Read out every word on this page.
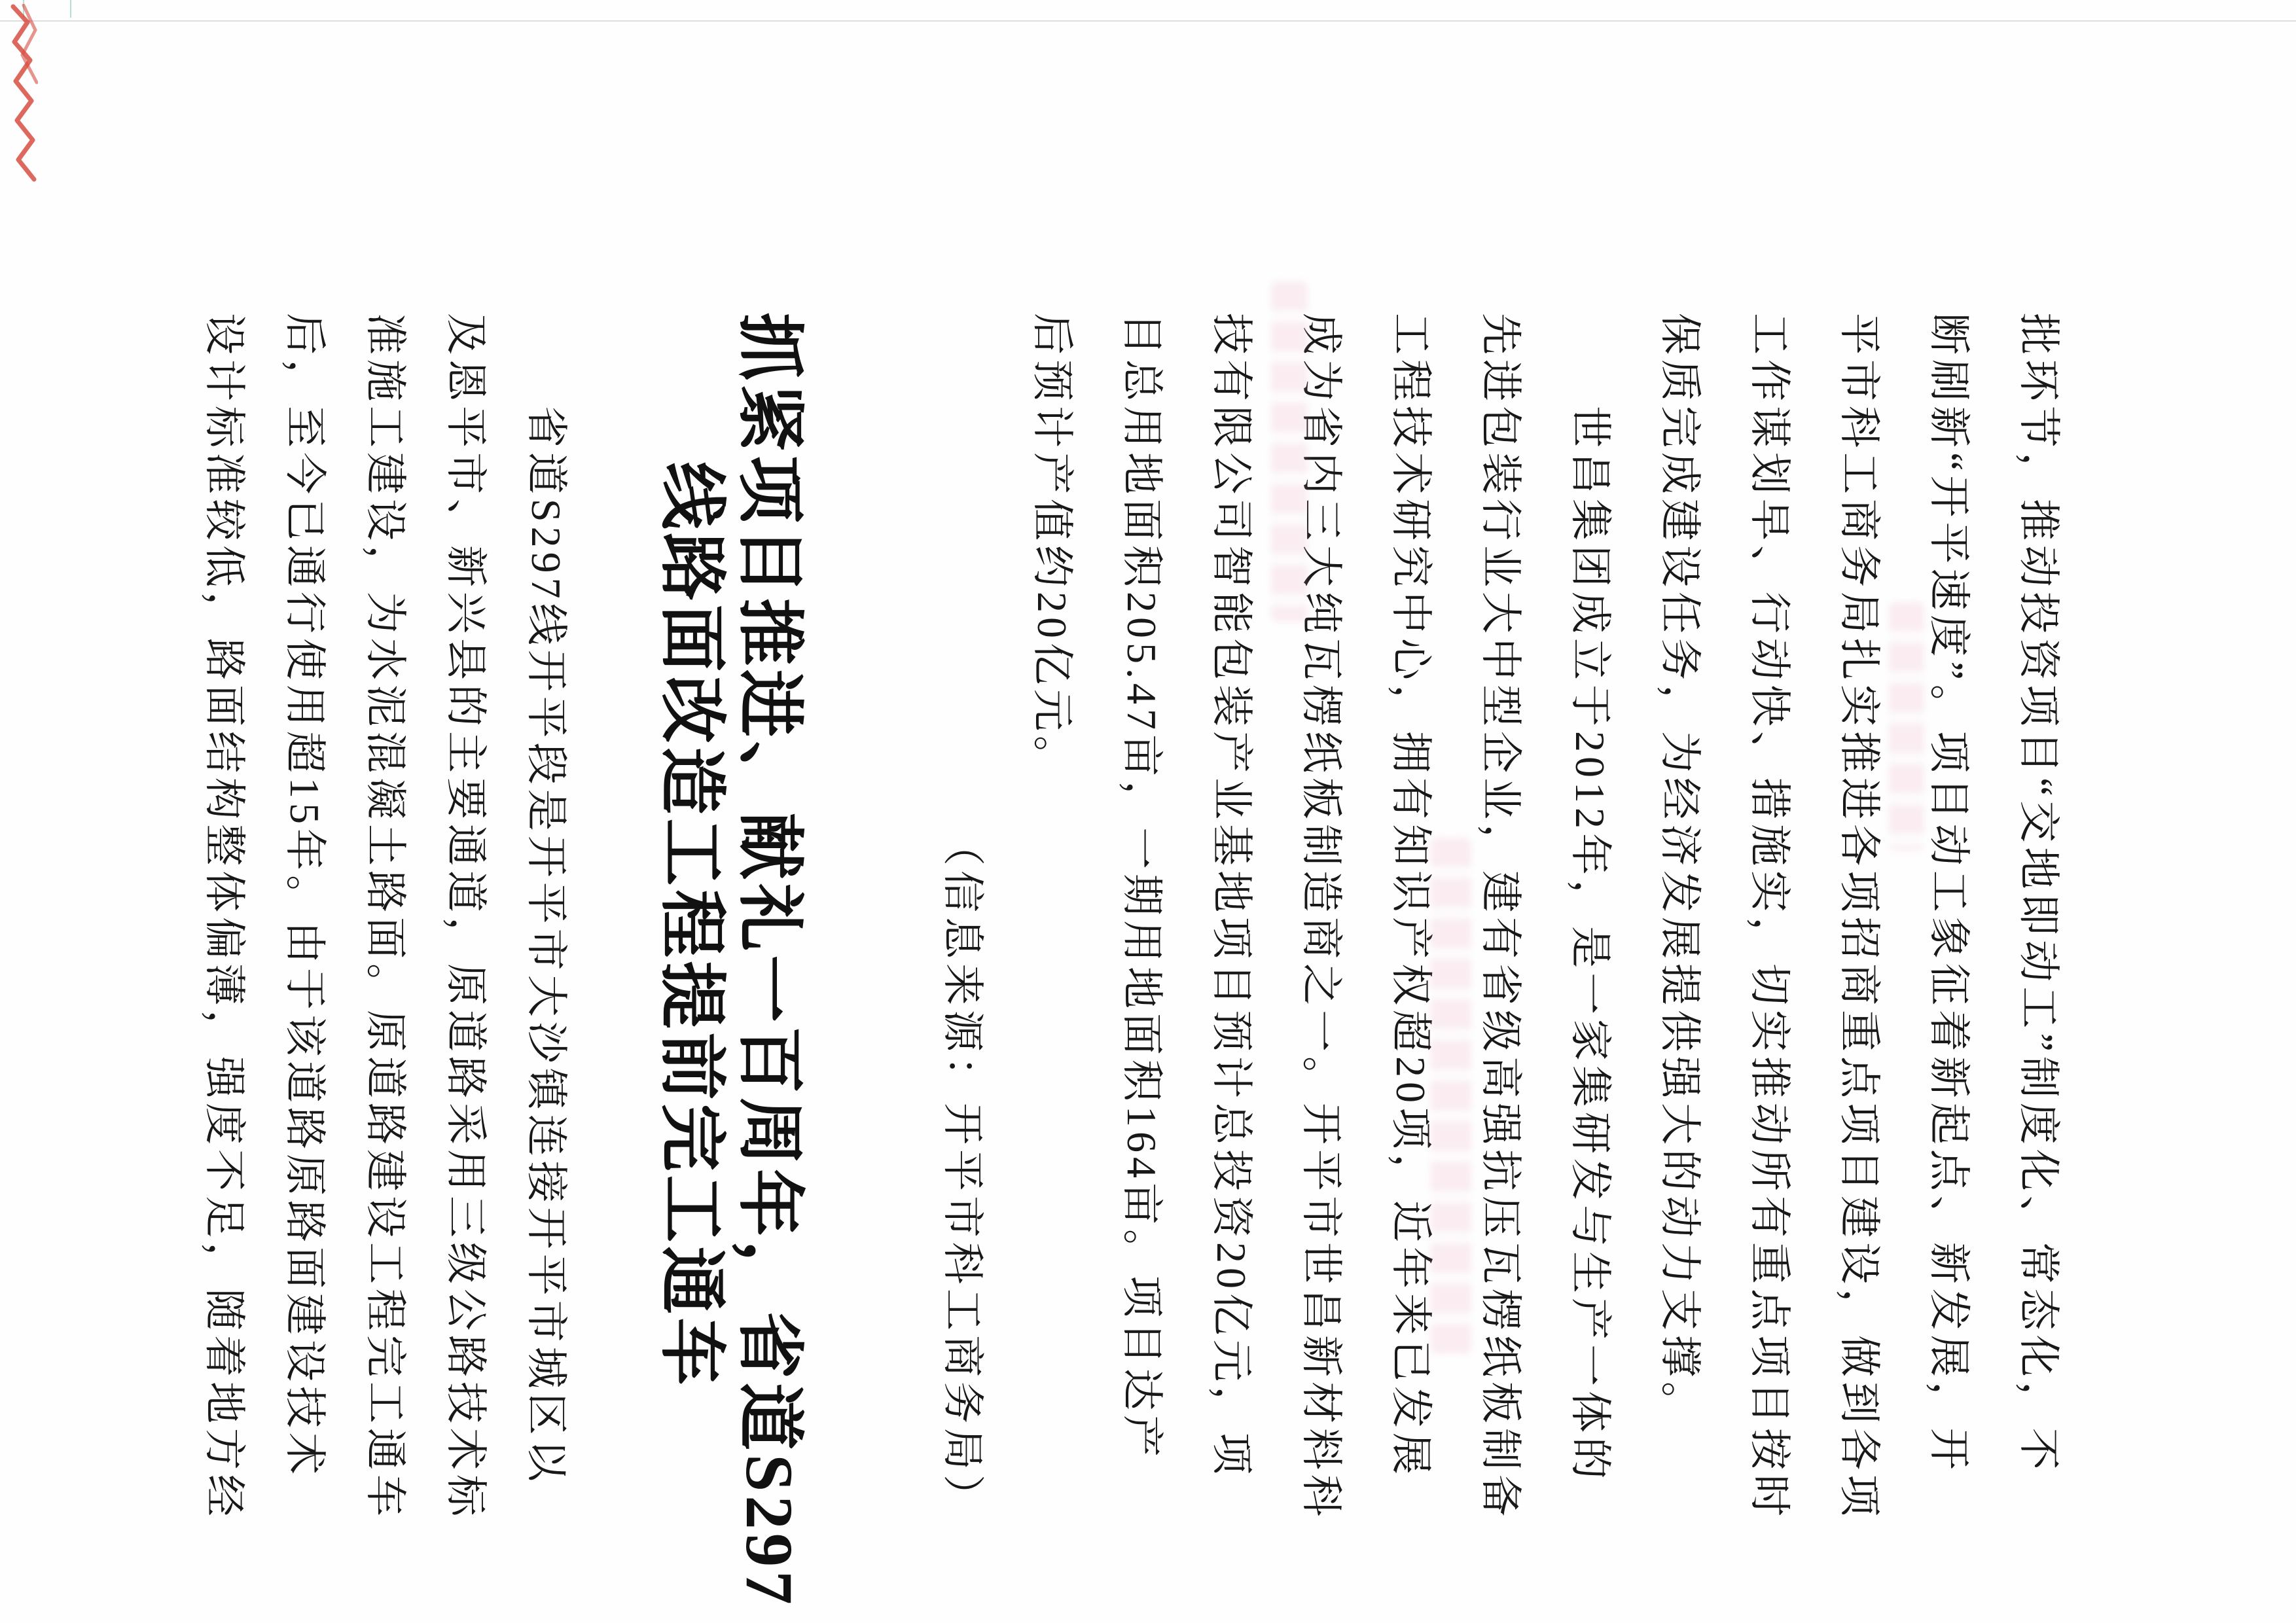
批环节，推动投资项目“交地即动工”制度化、常态化，不
断刷新“开平速度”。项目动工象征着新起点、新发展，开
平市科工商务局扎实推进各项招商重点项目建设，做到各项
工作谋划早、行动快、措施实，切实推动所有重点项目按时
保质完成建设任务，为经济发展提供强大的动力支撑。
世昌集团成立于2012年，是一家集研发与生产一体的
先进包装行业大中型企业，建有省级高强抗压瓦楞纸板制备
工程技术研究中心，拥有知识产权超20项，近年来已发展
成为省内三大纯瓦楞纸板制造商之一。开平市世昌新材料科
技有限公司智能包装产业基地项目预计总投资20亿元，项
目总用地面积205.47亩，一期用地面积164亩。项目达产
后预计产值约20亿元。
（信息来源：开平市科工商务局）
抓紧项目推进、献礼一百周年，省道S297
线路面改造工程提前完工通车
省道S297线开平段是开平市大沙镇连接开平市城区以
及恩平市、新兴县的主要通道，原道路采用三级公路技术标
准施工建设，为水泥混凝土路面。原道路建设工程完工通车
后，至今已通行使用超15年。由于该道路原路面建设技术
设计标准较低，路面结构整体偏薄，强度不足，随着地方经
